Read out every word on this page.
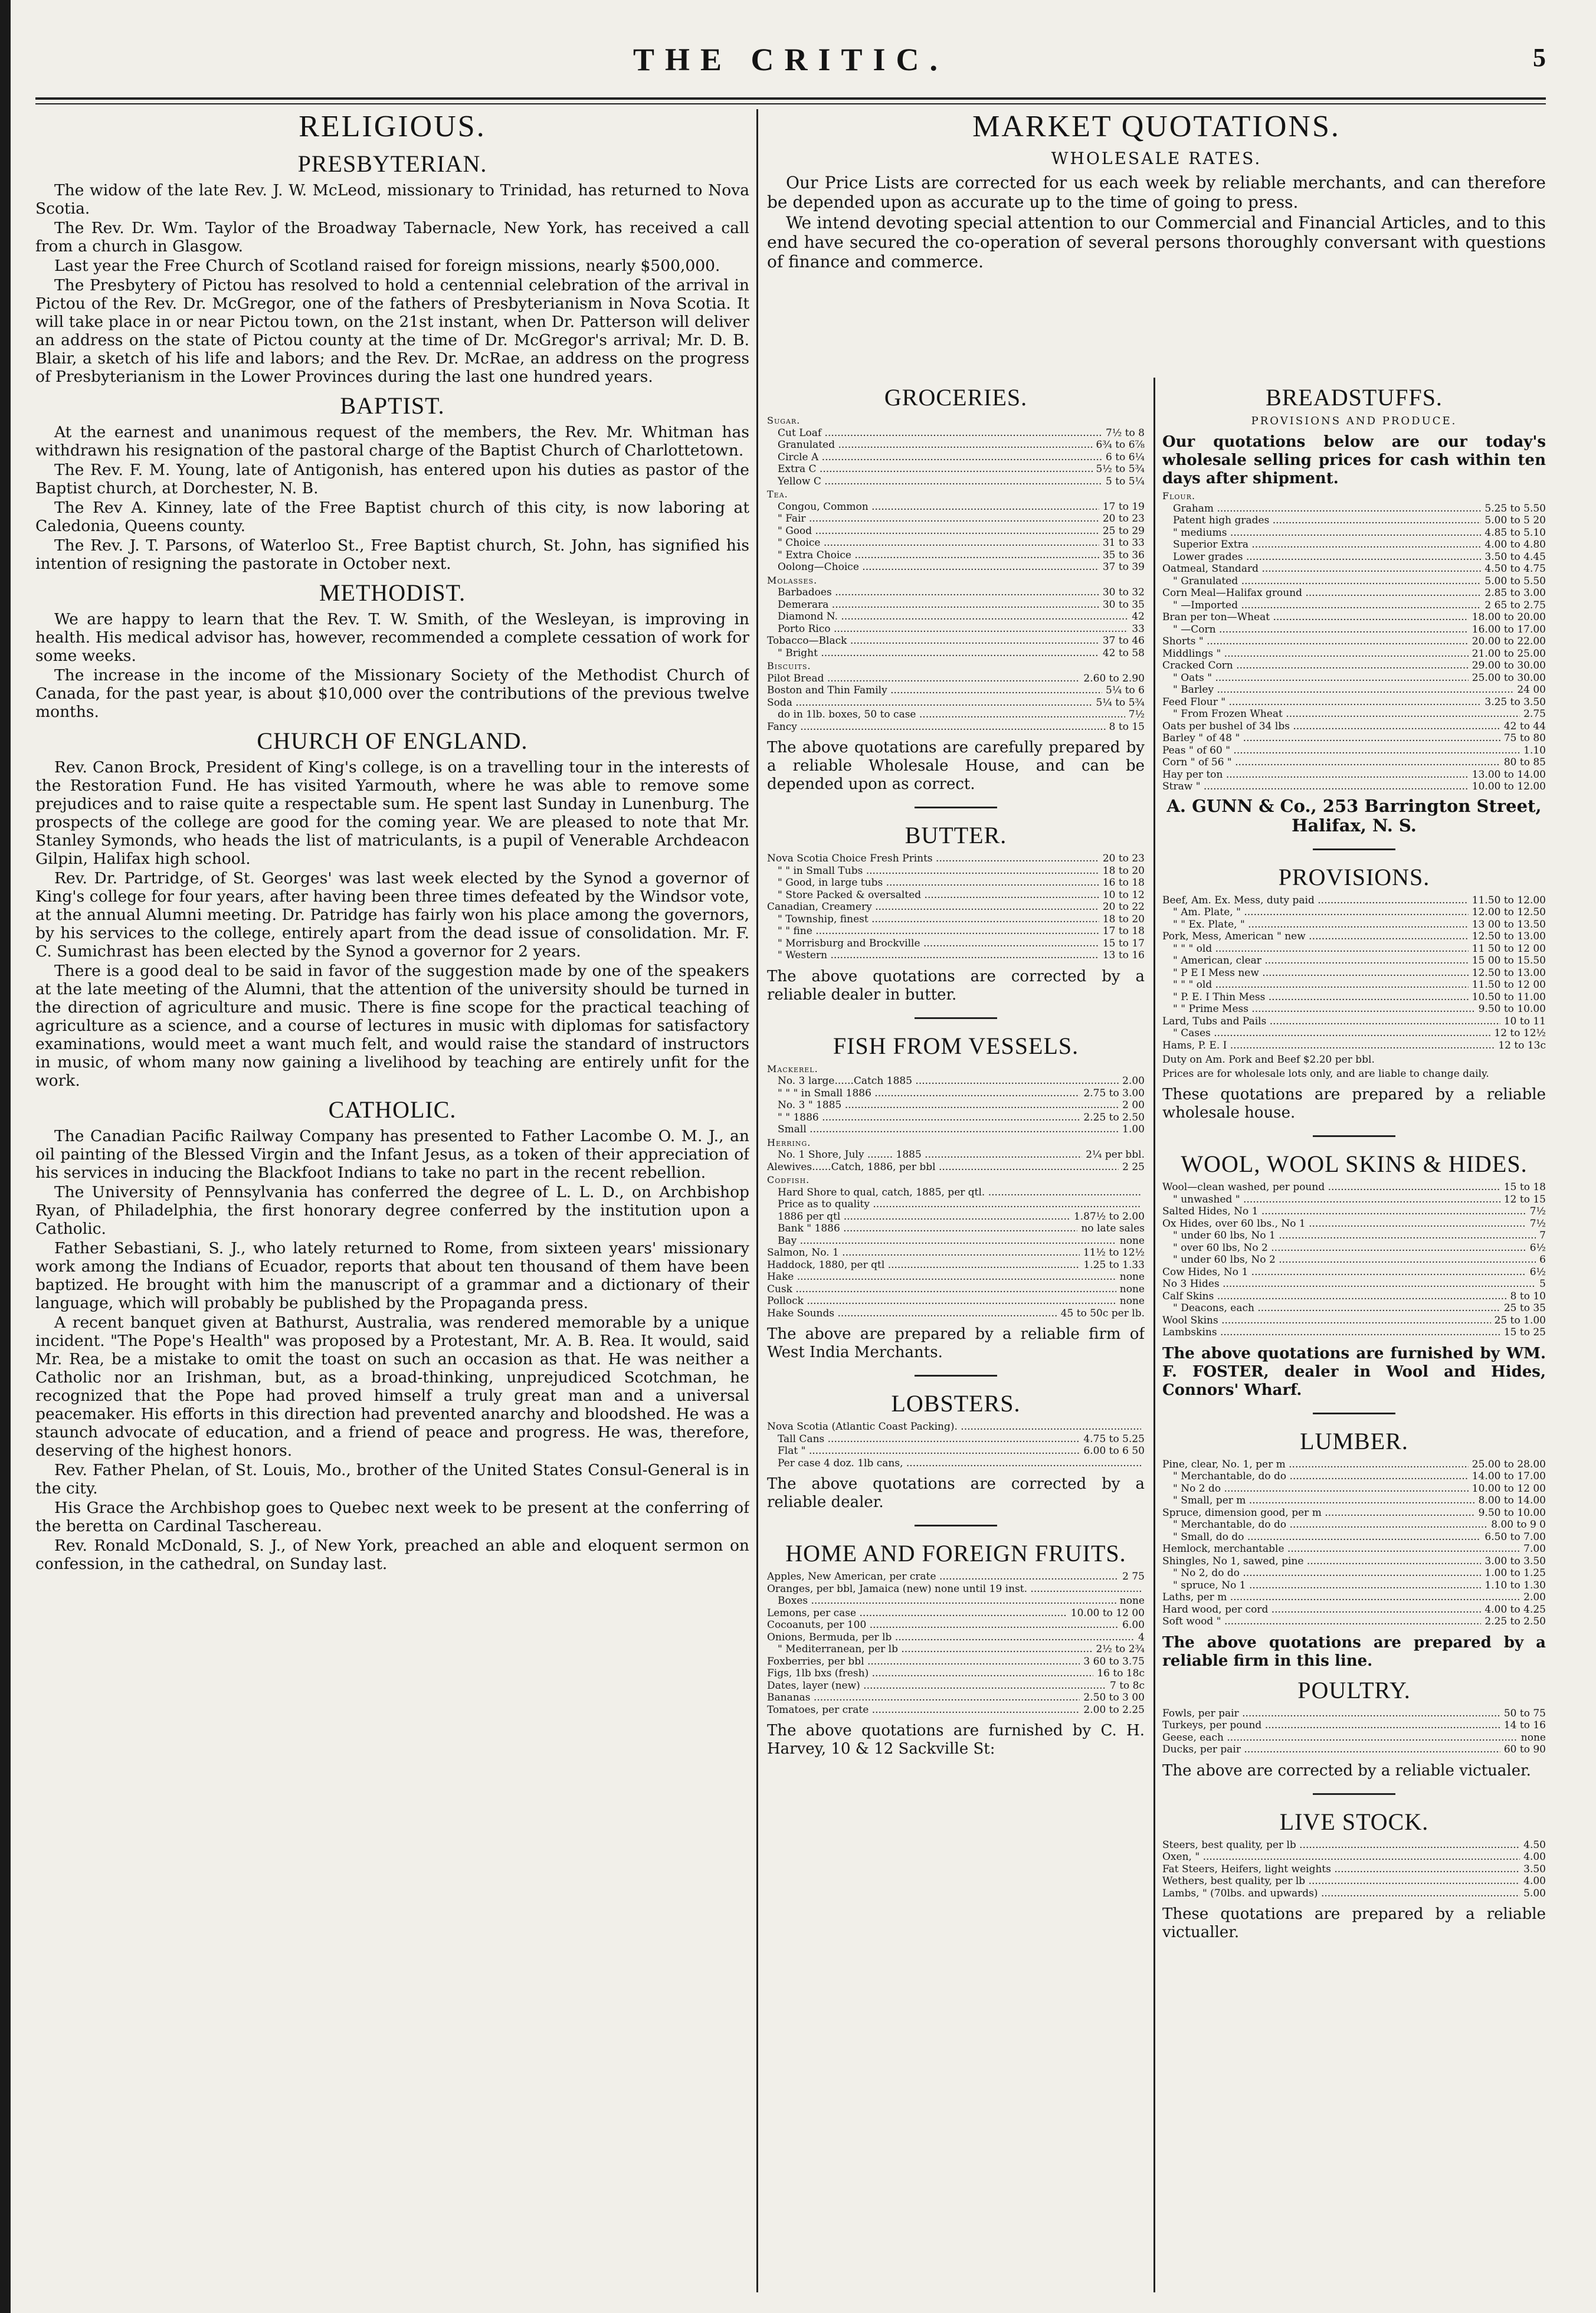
THE CRITIC.	5
RELIGIOUS.
PRESBYTERIAN.

The widow of the late Rev. J. W. McLeod, missionary to Trinidad, has returned to Nova Scotia.

The Rev. Dr. Wm. Taylor of the Broadway Tabernacle, New York, has received a call from a church in Glasgow.

Last year the Free Church of Scotland raised for foreign missions, nearly $500,000.

The Presbytery of Pictou has resolved to hold a centennial celebration of the arrival in Pictou of the Rev. Dr. McGregor, one of the fathers of Presbyterianism in Nova Scotia. It will take place in or near Pictou town, on the 21st instant, when Dr. Patterson will deliver an address on the state of Pictou county at the time of Dr. McGregor's arrival; Mr. D. B. Blair, a sketch of his life and labors; and the Rev. Dr. McRae, an address on the progress of Presbyterianism in the Lower Provinces during the last one hundred years.

BAPTIST.

At the earnest and unanimous request of the members, the Rev. Mr. Whitman has withdrawn his resignation of the pastoral charge of the Baptist Church of Charlottetown.

The Rev. F. M. Young, late of Antigonish, has entered upon his duties as pastor of the Baptist church, at Dorchester, N. B.

The Rev A. Kinney, late of the Free Baptist church of this city, is now laboring at Caledonia, Queens county.

The Rev. J. T. Parsons, of Waterloo St., Free Baptist church, St. John, has signified his intention of resigning the pastorate in October next.

METHODIST.

We are happy to learn that the Rev. T. W. Smith, of the Wesleyan, is improving in health. His medical advisor has, however, recommended a complete cessation of work for some weeks.

The increase in the income of the Missionary Society of the Methodist Church of Canada, for the past year, is about $10,000 over the contributions of the previous twelve months.

CHURCH OF ENGLAND.

Rev. Canon Brock, President of King's college, is on a travelling tour in the interests of the Restoration Fund. He has visited Yarmouth, where he was able to remove some prejudices and to raise quite a respectable sum. He spent last Sunday in Lunenburg. The prospects of the college are good for the coming year. We are pleased to note that Mr. Stanley Symonds, who heads the list of matriculants, is a pupil of Venerable Archdeacon Gilpin, Halifax high school.

Rev. Dr. Partridge, of St. Georges' was last week elected by the Synod a governor of King's college for four years, after having been three times defeated by the Windsor vote, at the annual Alumni meeting. Dr. Patridge has fairly won his place among the governors, by his services to the college, entirely apart from the dead issue of consolidation. Mr. F. C. Sumichrast has been elected by the Synod a governor for 2 years.

There is a good deal to be said in favor of the suggestion made by one of the speakers at the late meeting of the Alumni, that the attention of the university should be turned in the direction of agriculture and music. There is fine scope for the practical teaching of agriculture as a science, and a course of lectures in music with diplomas for satisfactory examinations, would meet a want much felt, and would raise the standard of instructors in music, of whom many now gaining a livelihood by teaching are entirely unfit for the work.

CATHOLIC.

The Canadian Pacific Railway Company has presented to Father Lacombe O. M. J., an oil painting of the Blessed Virgin and the Infant Jesus, as a token of their appreciation of his services in inducing the Blackfoot Indians to take no part in the recent rebellion.

The University of Pennsylvania has conferred the degree of L. L. D., on Archbishop Ryan, of Philadelphia, the first honorary degree conferred by the institution upon a Catholic.

Father Sebastiani, S. J., who lately returned to Rome, from sixteen years' missionary work among the Indians of Ecuador, reports that about ten thousand of them have been baptized. He brought with him the manuscript of a grammar and a dictionary of their language, which will probably be published by the Propaganda press.

A recent banquet given at Bathurst, Australia, was rendered memorable by a unique incident. "The Pope's Health" was proposed by a Protestant, Mr. A. B. Rea. It would, said Mr. Rea, be a mistake to omit the toast on such an occasion as that. He was neither a Catholic nor an Irishman, but, as a broad-thinking, unprejudiced Scotchman, he recognized that the Pope had proved himself a truly great man and a universal peacemaker. His efforts in this direction had prevented anarchy and bloodshed. He was a staunch advocate of education, and a friend of peace and progress. He was, therefore, deserving of the highest honors.

Rev. Father Phelan, of St. Louis, Mo., brother of the United States Consul-General is in the city.

His Grace the Archbishop goes to Quebec next week to be present at the conferring of the beretta on Cardinal Taschereau.

Rev. Ronald McDonald, S. J., of New York, preached an able and eloquent sermon on confession, in the cathedral, on Sunday last.

MARKET QUOTATIONS.
WHOLESALE RATES.

Our Price Lists are corrected for us each week by reliable merchants, and can therefore be depended upon as accurate up to the time of going to press.

We intend devoting special attention to our Commercial and Financial Articles, and to this end have secured the co-operation of several persons thoroughly conversant with questions of finance and commerce.

GROCERIES.
Sugar.
Cut Loaf .....	7½ to 8
Granulated .....	6¾ to 6⅞
Circle A .....	6 to 6¼
Extra C .....	5½ to 5¾
Yellow C .....	5 to 5¼
Tea.
Congou, Common .....	17 to 19
" Fair .....	20 to 23
" Good .....	25 to 29
" Choice .....	31 to 33
" Extra Choice .....	35 to 36
Oolong—Choice .....	37 to 39
Molasses.
Barbadoes .....	30 to 32
Demerara .....	30 to 35
Diamond N. .....	42
Porto Rico .....	33
Tobacco—Black .....	37 to 46
" Bright .....	42 to 58
Biscuits.
Pilot Bread .....	2.60 to 2.90
Boston and Thin Family .....	5¼ to 6
Soda .....	5¼ to 5¾
do in 1lb. boxes, 50 to case .....	7½
Fancy .....	8 to 15
The above quotations are carefully prepared by a reliable Wholesale House, and can be depended upon as correct.
BUTTER.
Nova Scotia Choice Fresh Prints .....	20 to 23
" " in Small Tubs .....	18 to 20
" Good, in large tubs .....	16 to 18
" Store Packed & oversalted .....	10 to 12
Canadian, Creamery .....	20 to 22
" Township, finest .....	18 to 20
" " fine .....	17 to 18
" Morrisburg and Brockville .....	15 to 17
" Western .....	13 to 16
The above quotations are corrected by a reliable dealer in butter.
FISH FROM VESSELS.
Mackerel.
No. 3 large......Catch 1885 .....	2.00
" " " in Small 1886 .....	2.75 to 3.00
No. 3 " 1885 .....	2 00
" " 1886 .....	2.25 to 2.50
Small .....	1.00
Herring.
No. 1 Shore, July ........ 1885 .....	2¼ per bbl.
Alewives......Catch, 1886, per bbl .....	2 25
Codfish.
Hard Shore to qual, catch, 1885, per qtl. .....
Price as to quality .....
1886 per qtl .....	1.87½ to 2.00
Bank " 1886 .....	no late sales
Bay .....	none
Salmon, No. 1 .....	11½ to 12½
Haddock, 1880, per qtl .....	1.25 to 1.33
Hake .....	none
Cusk .....	none
Pollock .....	none
Hake Sounds .....	45 to 50c per lb.
The above are prepared by a reliable firm of West India Merchants.
LOBSTERS.
Nova Scotia (Atlantic Coast Packing). .....
Tall Cans .....	4.75 to 5.25
Flat " .....	6.00 to 6 50
Per case 4 doz. 1lb cans, .....
The above quotations are corrected by a reliable dealer.
HOME AND FOREIGN FRUITS.
Apples, New American, per crate .....	2 75
Oranges, per bbl, Jamaica (new) none until 19 inst. .....
Boxes .....	none
Lemons, per case .....	10.00 to 12 00
Cocoanuts, per 100 .....	6.00
Onions, Bermuda, per lb .....	4
" Mediterranean, per lb .....	2½ to 2¾
Foxberries, per bbl .....	3 60 to 3.75
Figs, 1lb bxs (fresh) .....	16 to 18c
Dates, layer (new) .....	7 to 8c
Bananas .....	2.50 to 3 00
Tomatoes, per crate .....	2.00 to 2.25
The above quotations are furnished by C. H. Harvey, 10 & 12 Sackville St:
BREADSTUFFS.
PROVISIONS AND PRODUCE.
Our quotations below are our today's wholesale selling prices for cash within ten days after shipment.
Flour.
Graham .....	5.25 to 5.50
Patent high grades .....	5.00 to 5 20
" mediums .....	4.85 to 5.10
Superior Extra .....	4.00 to 4.80
Lower grades .....	3.50 to 4.45
Oatmeal, Standard .....	4.50 to 4.75
" Granulated .....	5.00 to 5.50
Corn Meal—Halifax ground .....	2.85 to 3.00
" —Imported .....	2 65 to 2.75
Bran per ton—Wheat .....	18.00 to 20.00
" —Corn .....	16.00 to 17.00
Shorts " .....	20.00 to 22.00
Middlings " .....	21.00 to 25.00
Cracked Corn .....	29.00 to 30.00
" Oats " .....	25.00 to 30.00
" Barley .....	24 00
Feed Flour " .....	3.25 to 3.50
" From Frozen Wheat .....	2.75
Oats per bushel of 34 lbs .....	42 to 44
Barley " of 48 " .....	75 to 80
Peas " of 60 " .....	1.10
Corn " of 56 " .....	80 to 85
Hay per ton .....	13.00 to 14.00
Straw " .....	10.00 to 12.00
A. GUNN & Co., 253 Barrington Street, Halifax, N. S.
PROVISIONS.
Beef, Am. Ex. Mess, duty paid .....	11.50 to 12.00
" Am. Plate, " .....	12.00 to 12.50
" " Ex. Plate, " .....	13 00 to 13.50
Pork, Mess, American " new .....	12.50 to 13.00
" " " old .....	11 50 to 12 00
" American, clear .....	15 00 to 15.50
" P E I Mess new .....	12.50 to 13.00
" " " old .....	11.50 to 12 00
" P. E. I Thin Mess .....	10.50 to 11.00
" " Prime Mess .....	9.50 to 10.00
Lard, Tubs and Pails .....	10 to 11
" Cases .....	12 to 12½
Hams, P. E. I .....	12 to 13c
Duty on Am. Pork and Beef $2.20 per bbl.
Prices are for wholesale lots only, and are liable to change daily.
These quotations are prepared by a reliable wholesale house.
WOOL, WOOL SKINS & HIDES.
Wool—clean washed, per pound .....	15 to 18
" unwashed " .....	12 to 15
Salted Hides, No 1 .....	7½
Ox Hides, over 60 lbs., No 1 .....	7½
" under 60 lbs, No 1 .....	7
" over 60 lbs, No 2 .....	6½
" under 60 lbs, No 2 .....	6
Cow Hides, No 1 .....	6½
No 3 Hides .....	5
Calf Skins .....	8 to 10
" Deacons, each .....	25 to 35
Wool Skins .....	25 to 1.00
Lambskins .....	15 to 25
The above quotations are furnished by WM. F. FOSTER, dealer in Wool and Hides, Connors' Wharf.
LUMBER.
Pine, clear, No. 1, per m .....	25.00 to 28.00
" Merchantable, do do .....	14.00 to 17.00
" No 2 do .....	10.00 to 12 00
" Small, per m .....	8.00 to 14.00
Spruce, dimension good, per m .....	9.50 to 10.00
" Merchantable, do do .....	8.00 to 9 0
" Small, do do .....	6.50 to 7.00
Hemlock, merchantable .....	7.00
Shingles, No 1, sawed, pine .....	3.00 to 3.50
" No 2, do do .....	1.00 to 1.25
" spruce, No 1 .....	1.10 to 1.30
Laths, per m .....	2.00
Hard wood, per cord .....	4.00 to 4.25
Soft wood " .....	2.25 to 2.50
The above quotations are prepared by a reliable firm in this line.
POULTRY.
Fowls, per pair .....	50 to 75
Turkeys, per pound .....	14 to 16
Geese, each .....	none
Ducks, per pair .....	60 to 90
The above are corrected by a reliable victualer.
LIVE STOCK.
Steers, best quality, per lb .....	4.50
Oxen, " .....	4.00
Fat Steers, Heifers, light weights .....	3.50
Wethers, best quality, per lb .....	4.00
Lambs, " (70lbs. and upwards) .....	5.00
These quotations are prepared by a reliable victualler.
